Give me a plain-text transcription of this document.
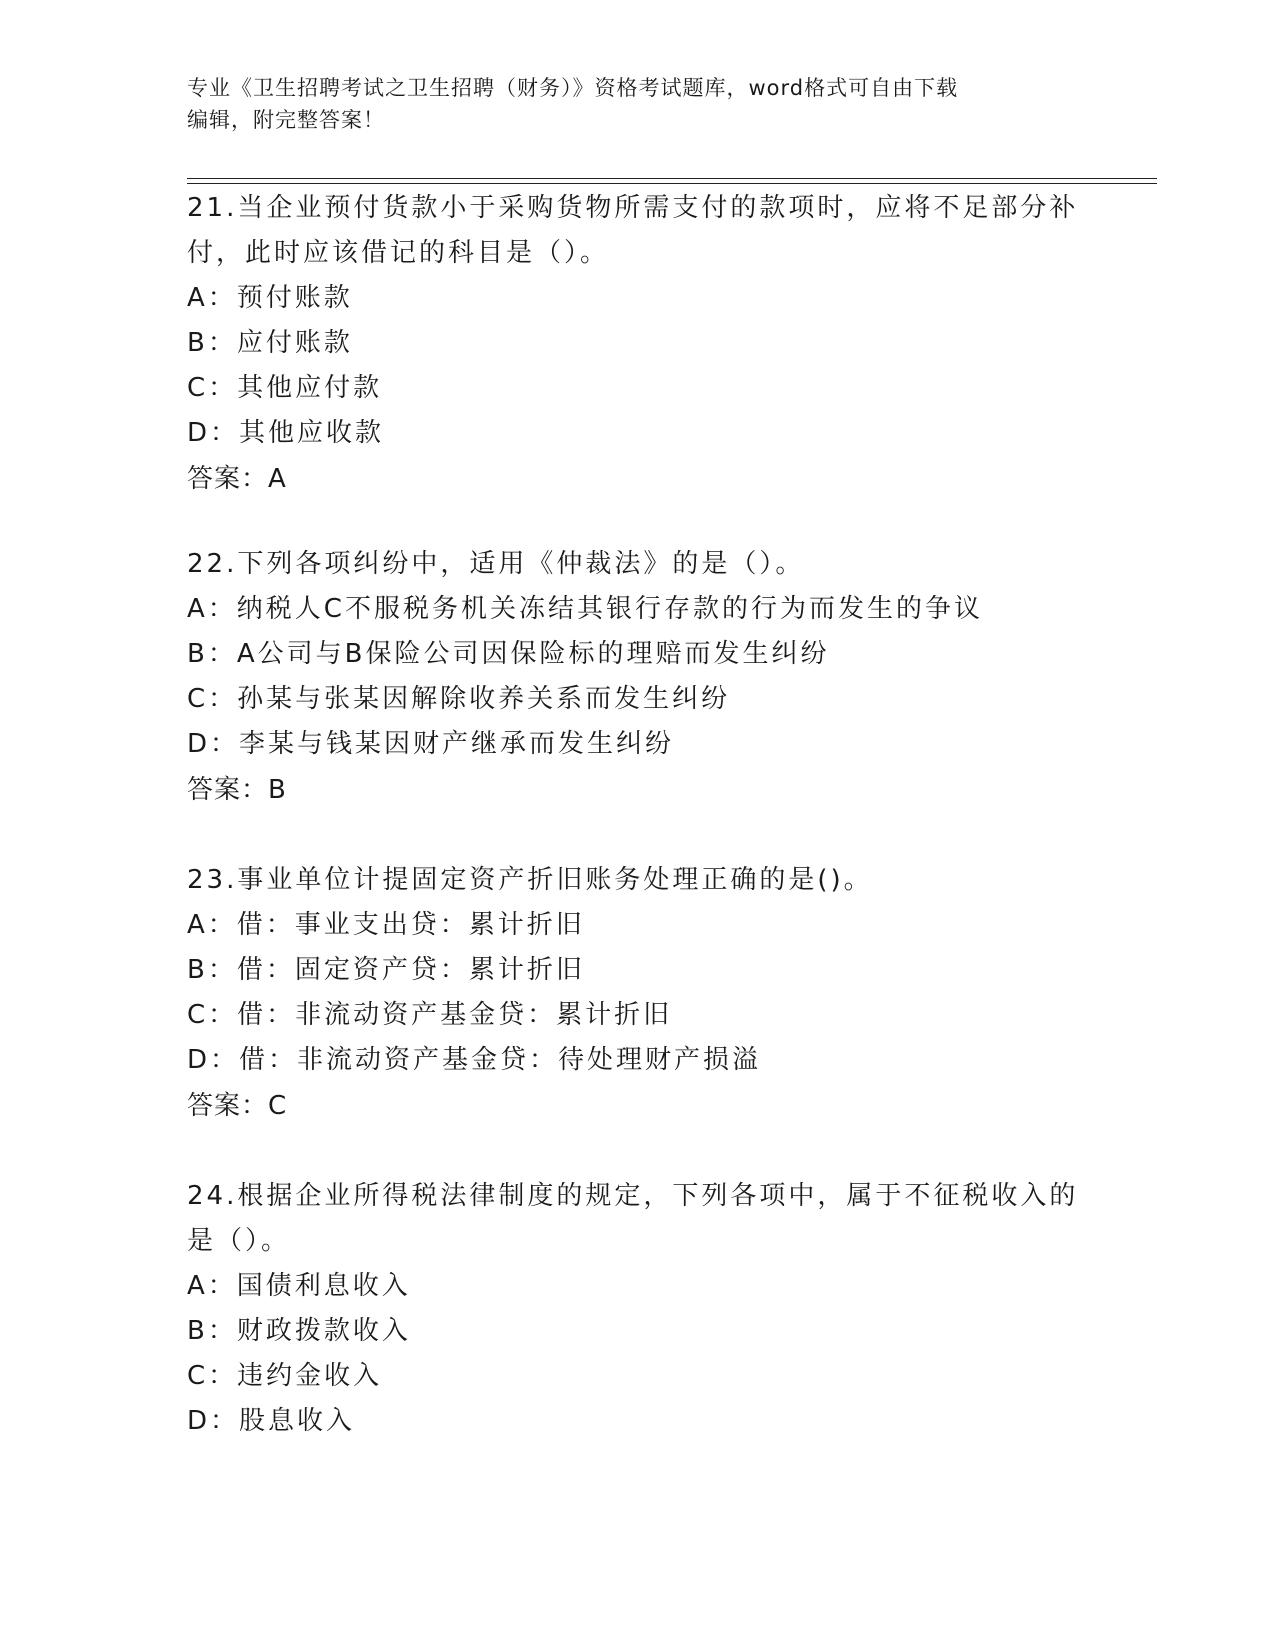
专业《卫生招聘考试之卫生招聘（财务）》资格考试题库，word格式可自由下载
编辑，附完整答案！
21.当企业预付货款小于采购货物所需支付的款项时，应将不足部分补
付，此时应该借记的科目是（）。
A：预付账款
B：应付账款
C：其他应付款
D：其他应收款
答案：A
22.下列各项纠纷中，适用《仲裁法》的是（）。
A：纳税人C不服税务机关冻结其银行存款的行为而发生的争议
B：A公司与B保险公司因保险标的理赔而发生纠纷
C：孙某与张某因解除收养关系而发生纠纷
D：李某与钱某因财产继承而发生纠纷
答案：B
23.事业单位计提固定资产折旧账务处理正确的是()。
A：借：事业支出贷：累计折旧
B：借：固定资产贷：累计折旧
C：借：非流动资产基金贷：累计折旧
D：借：非流动资产基金贷：待处理财产损溢
答案：C
24.根据企业所得税法律制度的规定，下列各项中，属于不征税收入的
是（）。
A：国债利息收入
B：财政拨款收入
C：违约金收入
D：股息收入
